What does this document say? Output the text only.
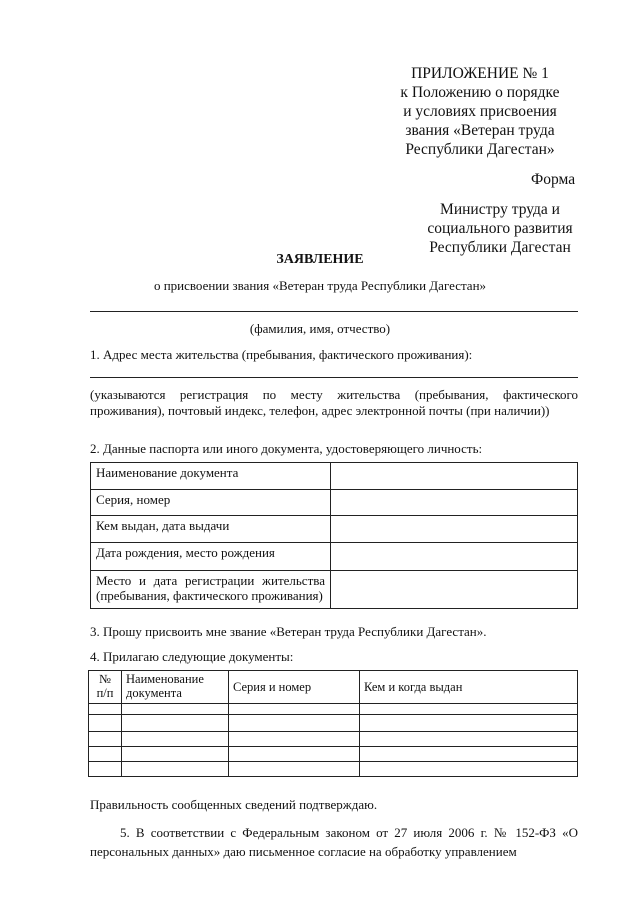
ПРИЛОЖЕНИЕ № 1
к Положению о порядке
и условиях присвоения
звания «Ветеран труда
Республики Дагестан»
Форма
Министру труда и
социального развития
Республики Дагестан
ЗАЯВЛЕНИЕ
о присвоении звания «Ветеран труда Республики Дагестан»
(фамилия, имя, отчество)
1. Адрес места жительства (пребывания, фактического проживания):
(указываются регистрация по месту жительства (пребывания, фактического проживания), почтовый индекс, телефон, адрес электронной почты (при наличии))
2. Данные паспорта или иного документа, удостоверяющего личность:
Наименование документа	
Серия, номер	
Кем выдан, дата выдачи	
Дата рождения, место рождения	
Место и дата регистрации жительства (пребывания, фактического проживания)	
3. Прошу присвоить мне звание «Ветеран труда Республики Дагестан».
4. Прилагаю следующие документы:
№ п/п	Наименование документа	Серия и номер	Кем и когда выдан

Правильность сообщенных сведений подтверждаю.
5. В соответствии с Федеральным законом от 27 июля 2006 г. № 152-ФЗ «О персональных данных» даю письменное согласие на обработку управлением
